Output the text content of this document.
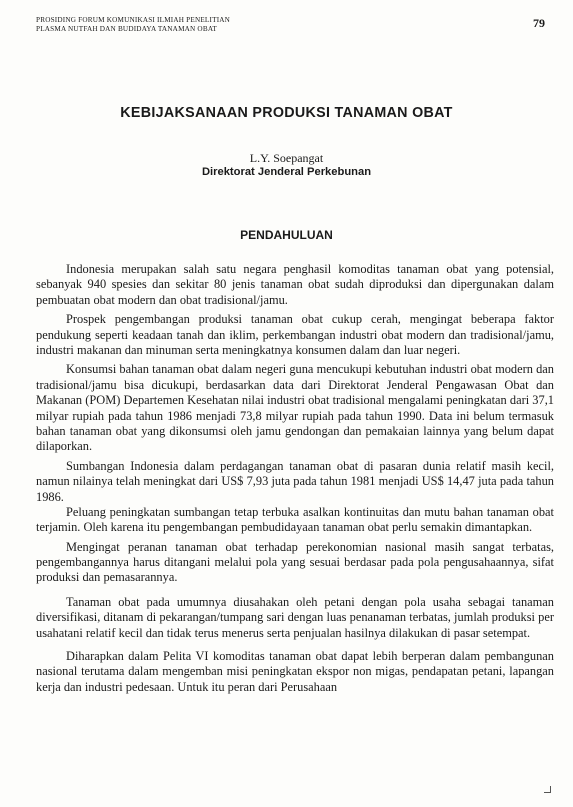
PROSIDING FORUM KOMUNIKASI ILMIAH PENELITIAN
PLASMA NUTFAH DAN BUDIDAYA TANAMAN OBAT	79
KEBIJAKSANAAN PRODUKSI TANAMAN OBAT
L.Y. Soepangat
Direktorat Jenderal Perkebunan
PENDAHULUAN

Indonesia merupakan salah satu negara penghasil komoditas tanaman obat yang potensial, sebanyak 940 spesies dan sekitar 80 jenis tanaman obat sudah diproduksi dan dipergunakan dalam pembuatan obat modern dan obat tradisional/jamu.

Prospek pengembangan produksi tanaman obat cukup cerah, mengingat beberapa faktor pendukung seperti keadaan tanah dan iklim, perkembangan industri obat modern dan tradisional/jamu, industri makanan dan minuman serta meningkatnya konsumen dalam dan luar negeri.

Konsumsi bahan tanaman obat dalam negeri guna mencukupi kebutuhan industri obat modern dan tradisional/jamu bisa dicukupi, berdasarkan data dari Direktorat Jenderal Pengawasan Obat dan Makanan (POM) Departemen Kesehatan nilai industri obat tradisional mengalami peningkatan dari 37,1 milyar rupiah pada tahun 1986 menjadi 73,8 milyar rupiah pada tahun 1990. Data ini belum termasuk bahan tanaman obat yang dikonsumsi oleh jamu gendongan dan pemakaian lainnya yang belum dapat dilaporkan.

Sumbangan Indonesia dalam perdagangan tanaman obat di pasaran dunia relatif masih kecil, namun nilainya telah meningkat dari US$ 7,93 juta pada tahun 1981 menjadi US$ 14,47 juta pada tahun 1986.

Peluang peningkatan sumbangan tetap terbuka asalkan kontinuitas dan mutu bahan tanaman obat terjamin. Oleh karena itu pengembangan pembudidayaan tanaman obat perlu semakin dimantapkan.

Mengingat peranan tanaman obat terhadap perekonomian nasional masih sangat terbatas, pengembangannya harus ditangani melalui pola yang sesuai berdasar pada pola pengusahaannya, sifat produksi dan pemasarannya.

Tanaman obat pada umumnya diusahakan oleh petani dengan pola usaha sebagai tanaman diversifikasi, ditanam di pekarangan/tumpang sari dengan luas penanaman terbatas, jumlah produksi per usahatani relatif kecil dan tidak terus menerus serta penjualan hasilnya dilakukan di pasar setempat.

Diharapkan dalam Pelita VI komoditas tanaman obat dapat lebih berperan dalam pembangunan nasional terutama dalam mengemban misi peningkatan ekspor non migas, pendapatan petani, lapangan kerja dan industri pedesaan. Untuk itu peran dari Perusahaan
